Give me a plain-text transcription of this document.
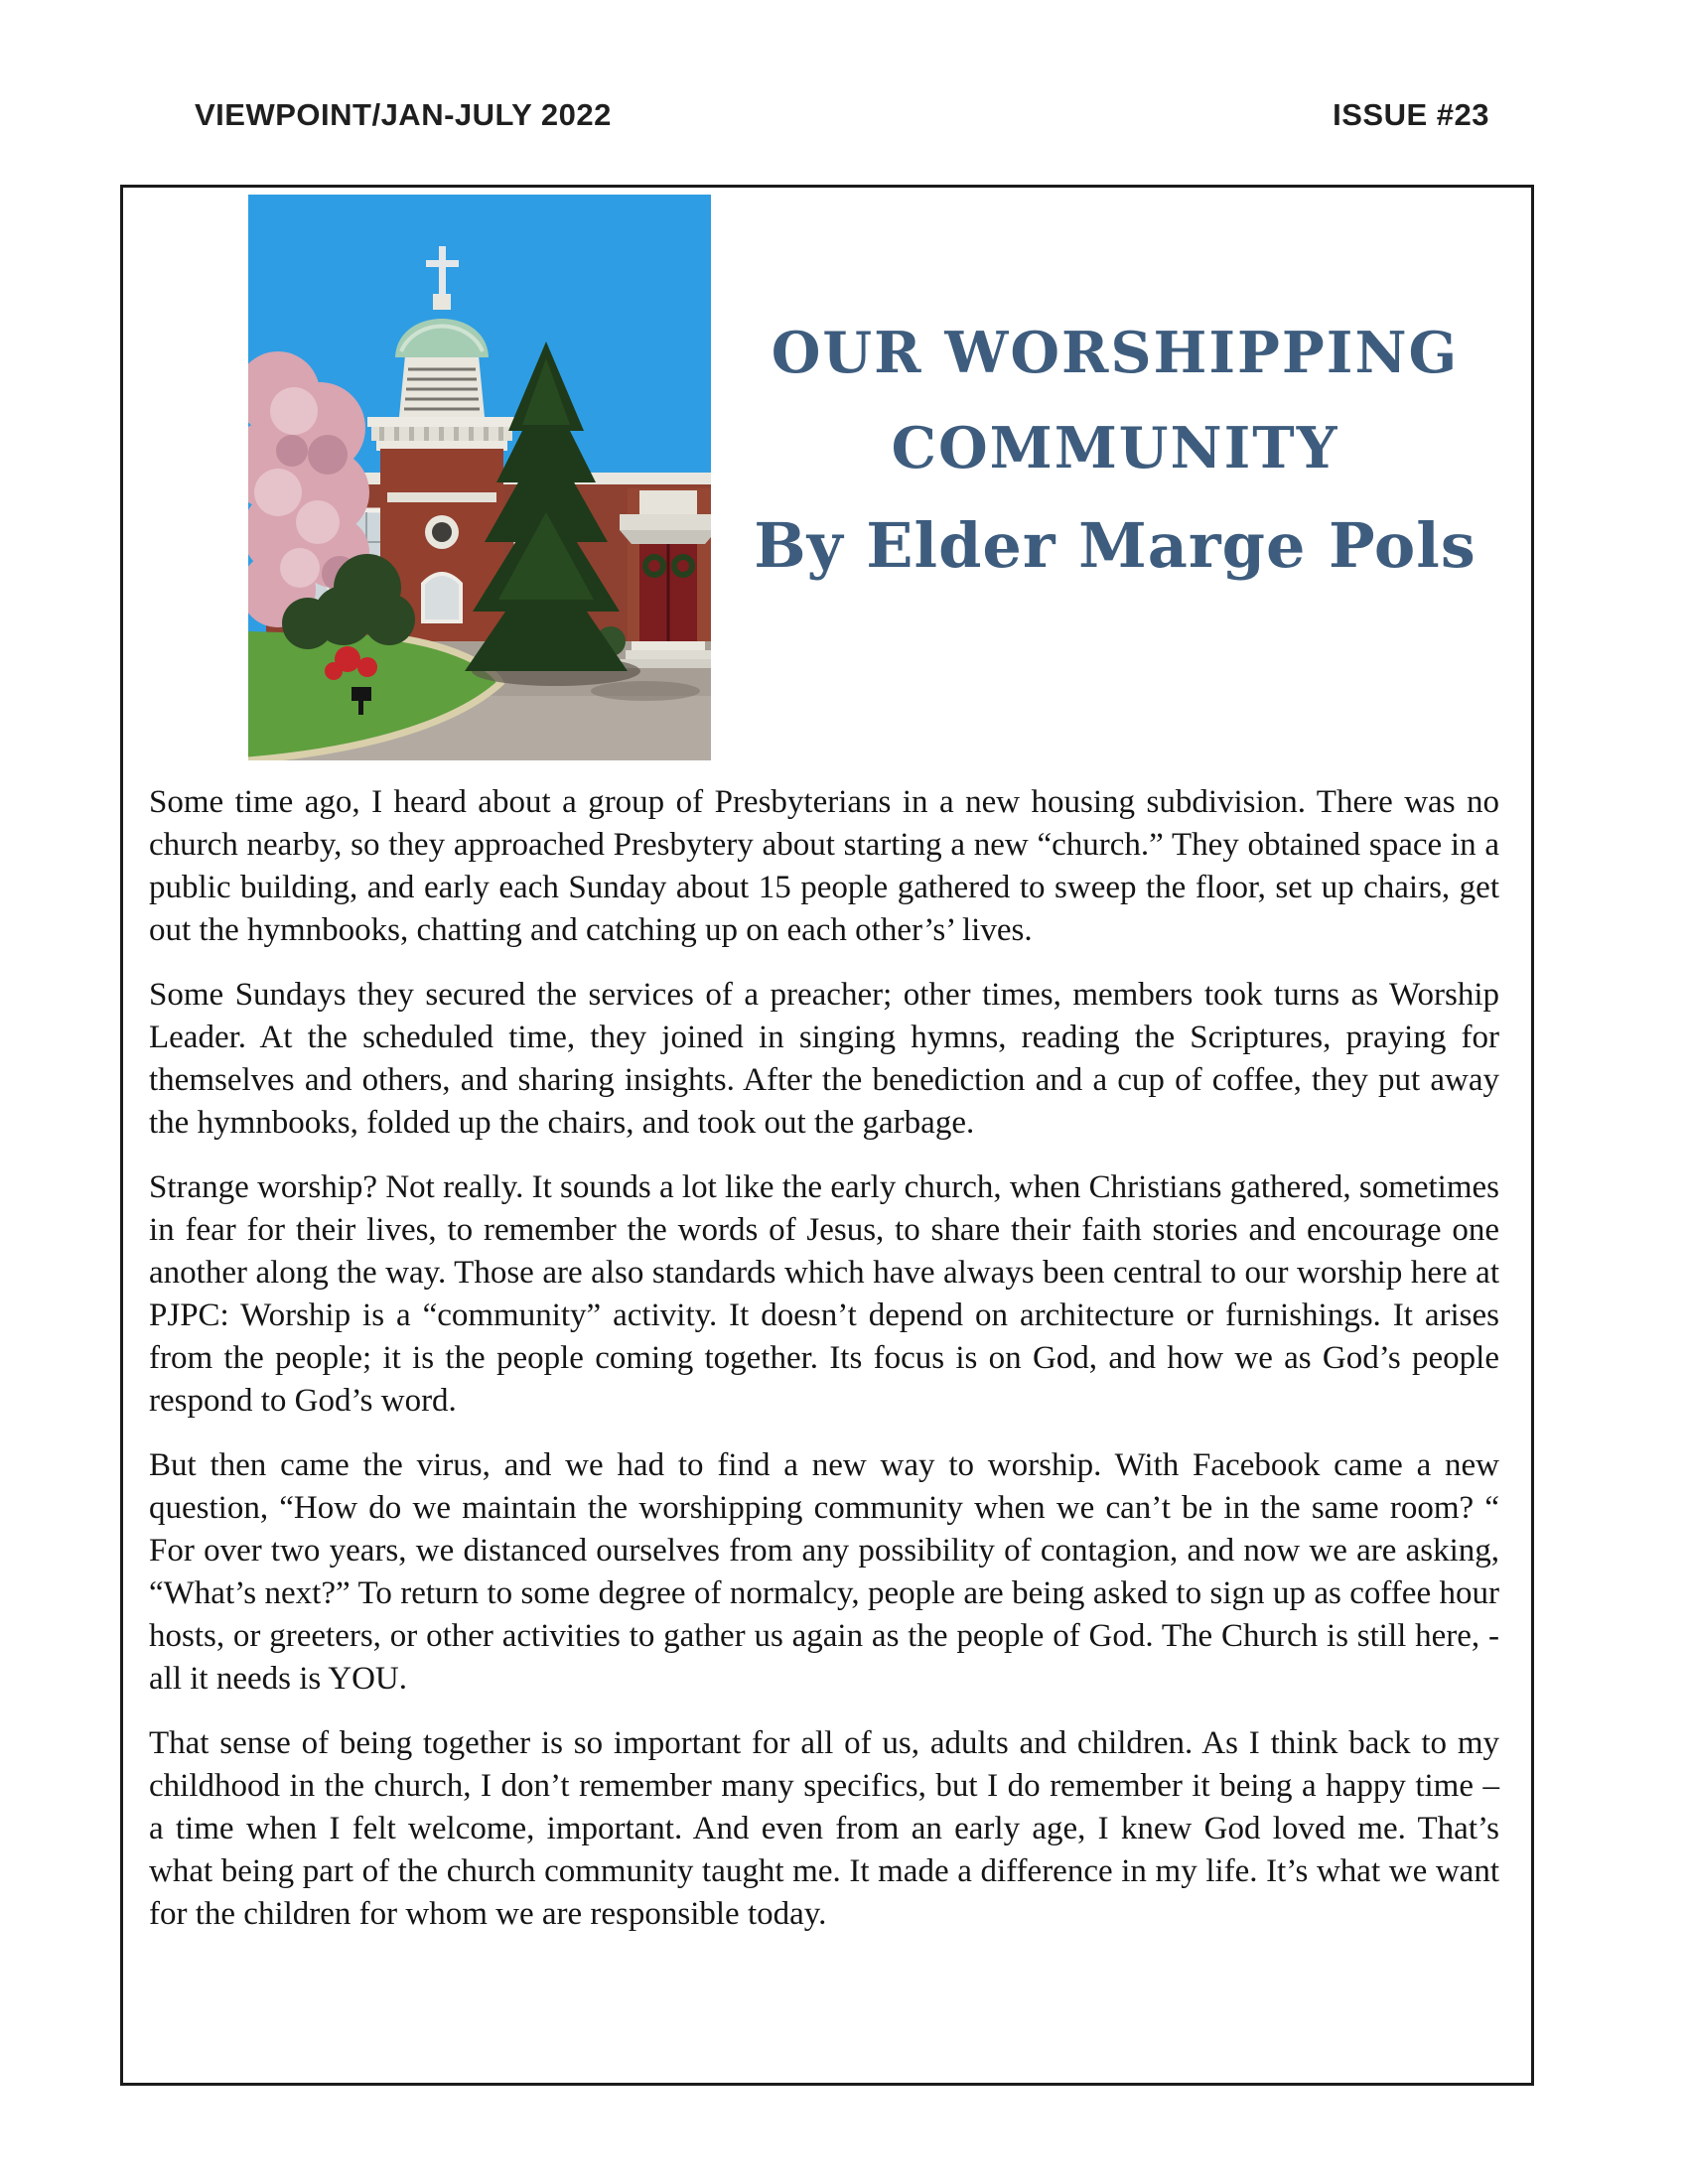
VIEWPOINT/JAN-JULY 2022	ISSUE #23
OUR WORSHIPPING
COMMUNITY
By Elder Marge Pols

Some time ago, I heard about a group of Presbyterians in a new housing subdivision. There was no church nearby, so they approached Presbytery about starting a new “church.” They obtained space in a public building, and early each Sunday about 15 people gathered to sweep the floor, set up chairs, get out the hymnbooks, chatting and catching up on each other’s’ lives.

Some Sundays they secured the services of a preacher; other times, members took turns as Worship Leader. At the scheduled time, they joined in singing hymns, reading the Scriptures, praying for themselves and others, and sharing insights. After the benediction and a cup of coffee, they put away the hymnbooks, folded up the chairs, and took out the garbage.

Strange worship? Not really. It sounds a lot like the early church, when Christians gathered, sometimes in fear for their lives, to remember the words of Jesus, to share their faith stories and encourage one another along the way. Those are also standards which have always been central to our worship here at PJPC: Worship is a “community” activity. It doesn’t depend on architecture or furnishings. It arises from the people; it is the people coming together. Its focus is on God, and how we as God’s people respond to God’s word.

But then came the virus, and we had to find a new way to worship. With Facebook came a new question, “How do we maintain the worshipping community when we can’t be in the same room? “ For over two years, we distanced ourselves from any possibility of contagion, and now we are asking, “What’s next?” To return to some degree of normalcy, people are being asked to sign up as coffee hour hosts, or greeters, or other activities to gather us again as the people of God. The Church is still here, - all it needs is YOU.

That sense of being together is so important for all of us, adults and children. As I think back to my childhood in the church, I don’t remember many specifics, but I do remember it being a happy time – a time when I felt welcome, important. And even from an early age, I knew God loved me. That’s what being part of the church community taught me. It made a difference in my life. It’s what we want for the children for whom we are responsible today.
